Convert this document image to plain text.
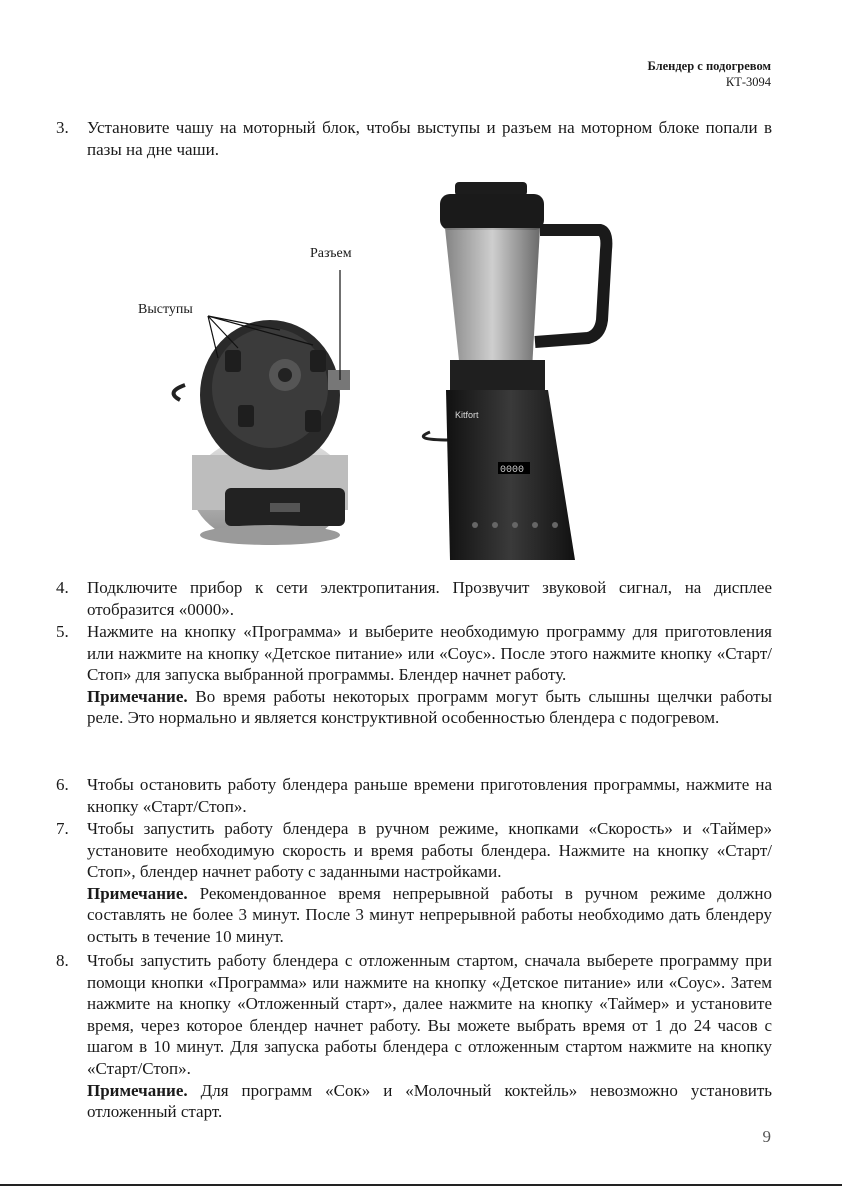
Блендер с подогревом
КТ-3094
3.	Установите чашу на моторный блок, чтобы выступы и разъем на моторном блоке попали в пазы на дне чаши.
Kitfort
0000
Разъем
Выступы
4.	Подключите прибор к сети электропитания. Прозвучит звуковой сигнал, на дисплее отобразится «0000».
5.	Нажмите на кнопку «Программа» и выберите необходимую программу для приготовления или нажмите на кнопку «Детское питание» или «Соус». После этого нажмите кнопку «Старт/Стоп» для запуска выбранной программы. Блендер начнет работу.
Примечание. Во время работы некоторых программ могут быть слышны щелчки работы реле. Это нормально и является конструктивной особенностью блендера с подогревом.
6.	Чтобы остановить работу блендера раньше времени приготовления программы, нажмите на кнопку «Старт/Стоп».
7.	Чтобы запустить работу блендера в ручном режиме, кнопками «Скорость» и «Таймер» установите необходимую скорость и время работы блендера. Нажмите на кнопку «Старт/Стоп», блендер начнет работу с заданными настройками.
Примечание. Рекомендованное время непрерывной работы в ручном режиме должно составлять не более 3 минут. После 3 минут непрерывной работы необходимо дать блендеру остыть в течение 10 минут.
8.	Чтобы запустить работу блендера с отложенным стартом, сначала выберете программу при помощи кнопки «Программа» или нажмите на кнопку «Детское питание» или «Соус». Затем нажмите на кнопку «Отложенный старт», далее нажмите на кнопку «Таймер» и установите время, через которое блендер начнет работу. Вы можете выбрать время от 1 до 24 часов с шагом в 10 минут. Для запуска работы блендера с отложенным стартом нажмите на кнопку «Старт/Стоп».
Примечание. Для программ «Сок» и «Молочный коктейль» невозможно установить отложенный старт.
9
